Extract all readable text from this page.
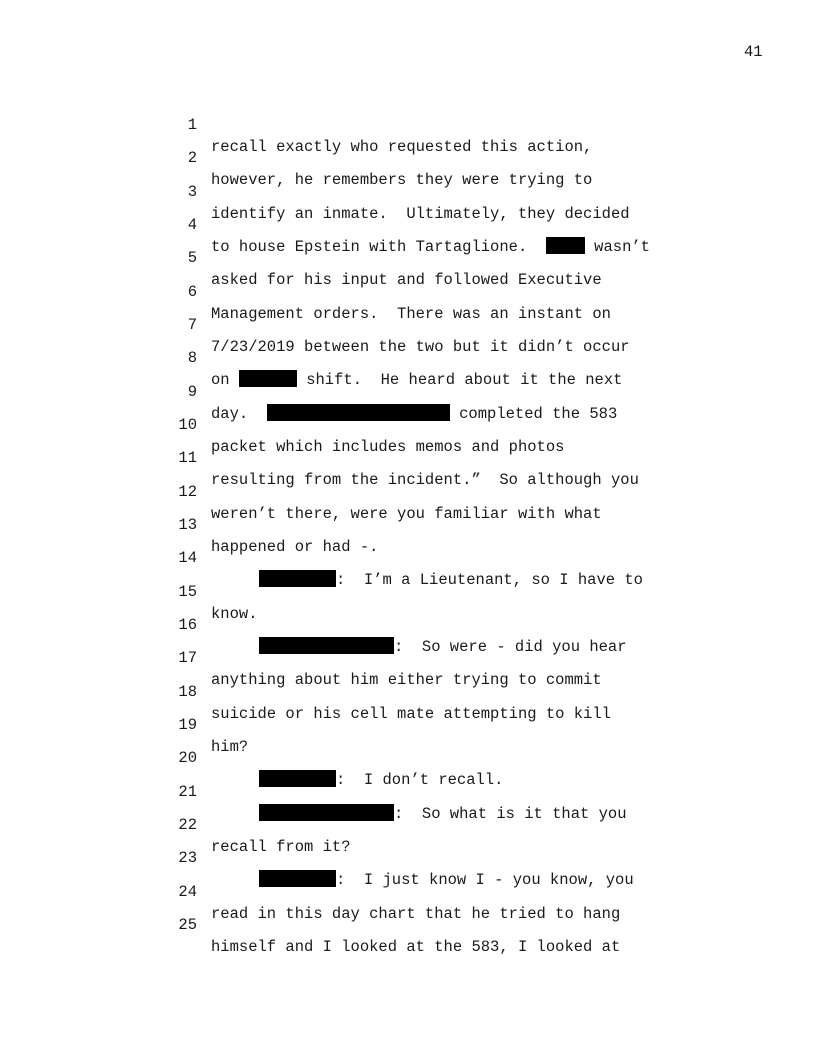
41

1

recall exactly who requested this action,

2

however, he remembers they were trying to

3

identify an inmate.  Ultimately, they decided

4

to house Epstein with Tartaglione.	wasn’t

5

asked for his input and followed Executive

6

Management orders.  There was an instant on

7

7/23/2019 between the two but it didn’t occur

8

on	shift.  He heard about it the next

9

day.	completed the 583

10

packet which includes memos and photos

11

resulting from the incident.”  So although you

12

weren’t there, were you familiar with what

13

happened or had -.

14

:  I’m a Lieutenant, so I have to

15

know.

16

:  So were - did you hear

17

anything about him either trying to commit

18

suicide or his cell mate attempting to kill

19

him?

20

:  I don’t recall.

21

:  So what is it that you

22

recall from it?

23

:  I just know I - you know, you

24

read in this day chart that he tried to hang

25

himself and I looked at the 583, I looked at
